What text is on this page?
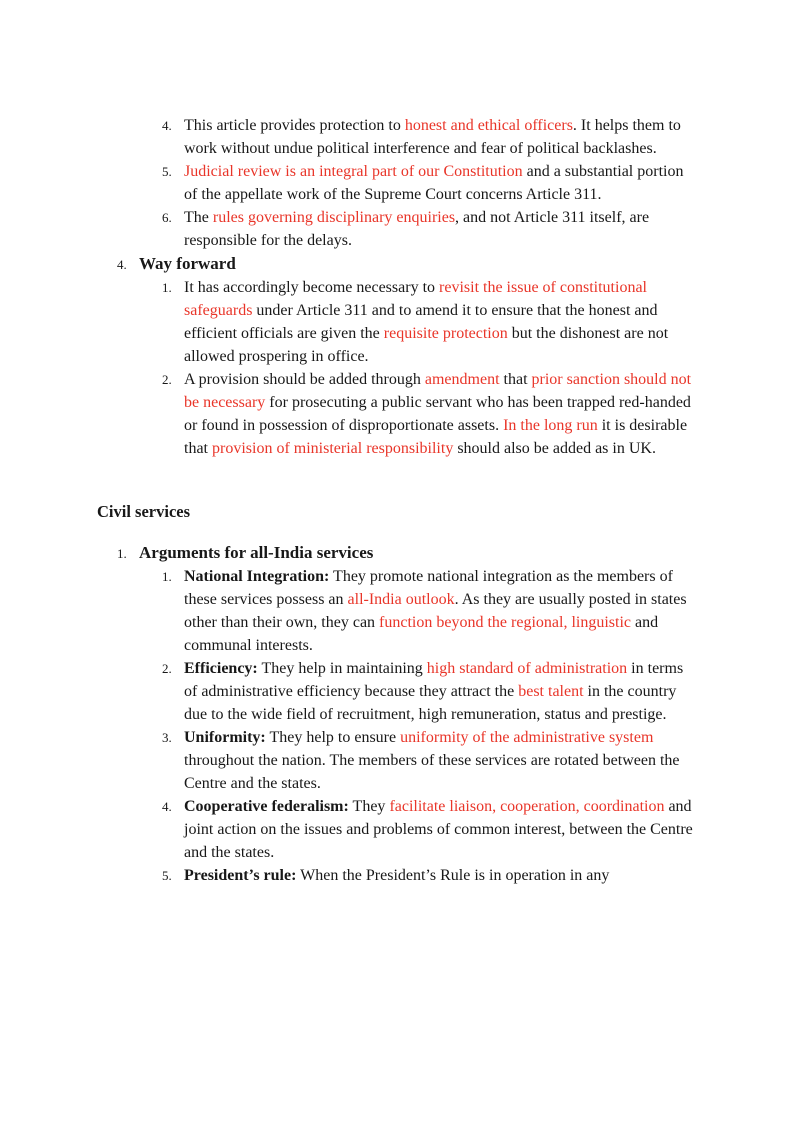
4. This article provides protection to honest and ethical officers. It helps them to work without undue political interference and fear of political backlashes.
5. Judicial review is an integral part of our Constitution and a substantial portion of the appellate work of the Supreme Court concerns Article 311.
6. The rules governing disciplinary enquiries, and not Article 311 itself, are responsible for the delays.
4. Way forward
1. It has accordingly become necessary to revisit the issue of constitutional safeguards under Article 311 and to amend it to ensure that the honest and efficient officials are given the requisite protection but the dishonest are not allowed prospering in office.
2. A provision should be added through amendment that prior sanction should not be necessary for prosecuting a public servant who has been trapped red-handed or found in possession of disproportionate assets. In the long run it is desirable that provision of ministerial responsibility should also be added as in UK.
Civil services
1. Arguments for all-India services
1. National Integration: They promote national integration as the members of these services possess an all-India outlook. As they are usually posted in states other than their own, they can function beyond the regional, linguistic and communal interests.
2. Efficiency: They help in maintaining high standard of administration in terms of administrative efficiency because they attract the best talent in the country due to the wide field of recruitment, high remuneration, status and prestige.
3. Uniformity: They help to ensure uniformity of the administrative system throughout the nation. The members of these services are rotated between the Centre and the states.
4. Cooperative federalism: They facilitate liaison, cooperation, coordination and joint action on the issues and problems of common interest, between the Centre and the states.
5. President’s rule: When the President’s Rule is in operation in any
